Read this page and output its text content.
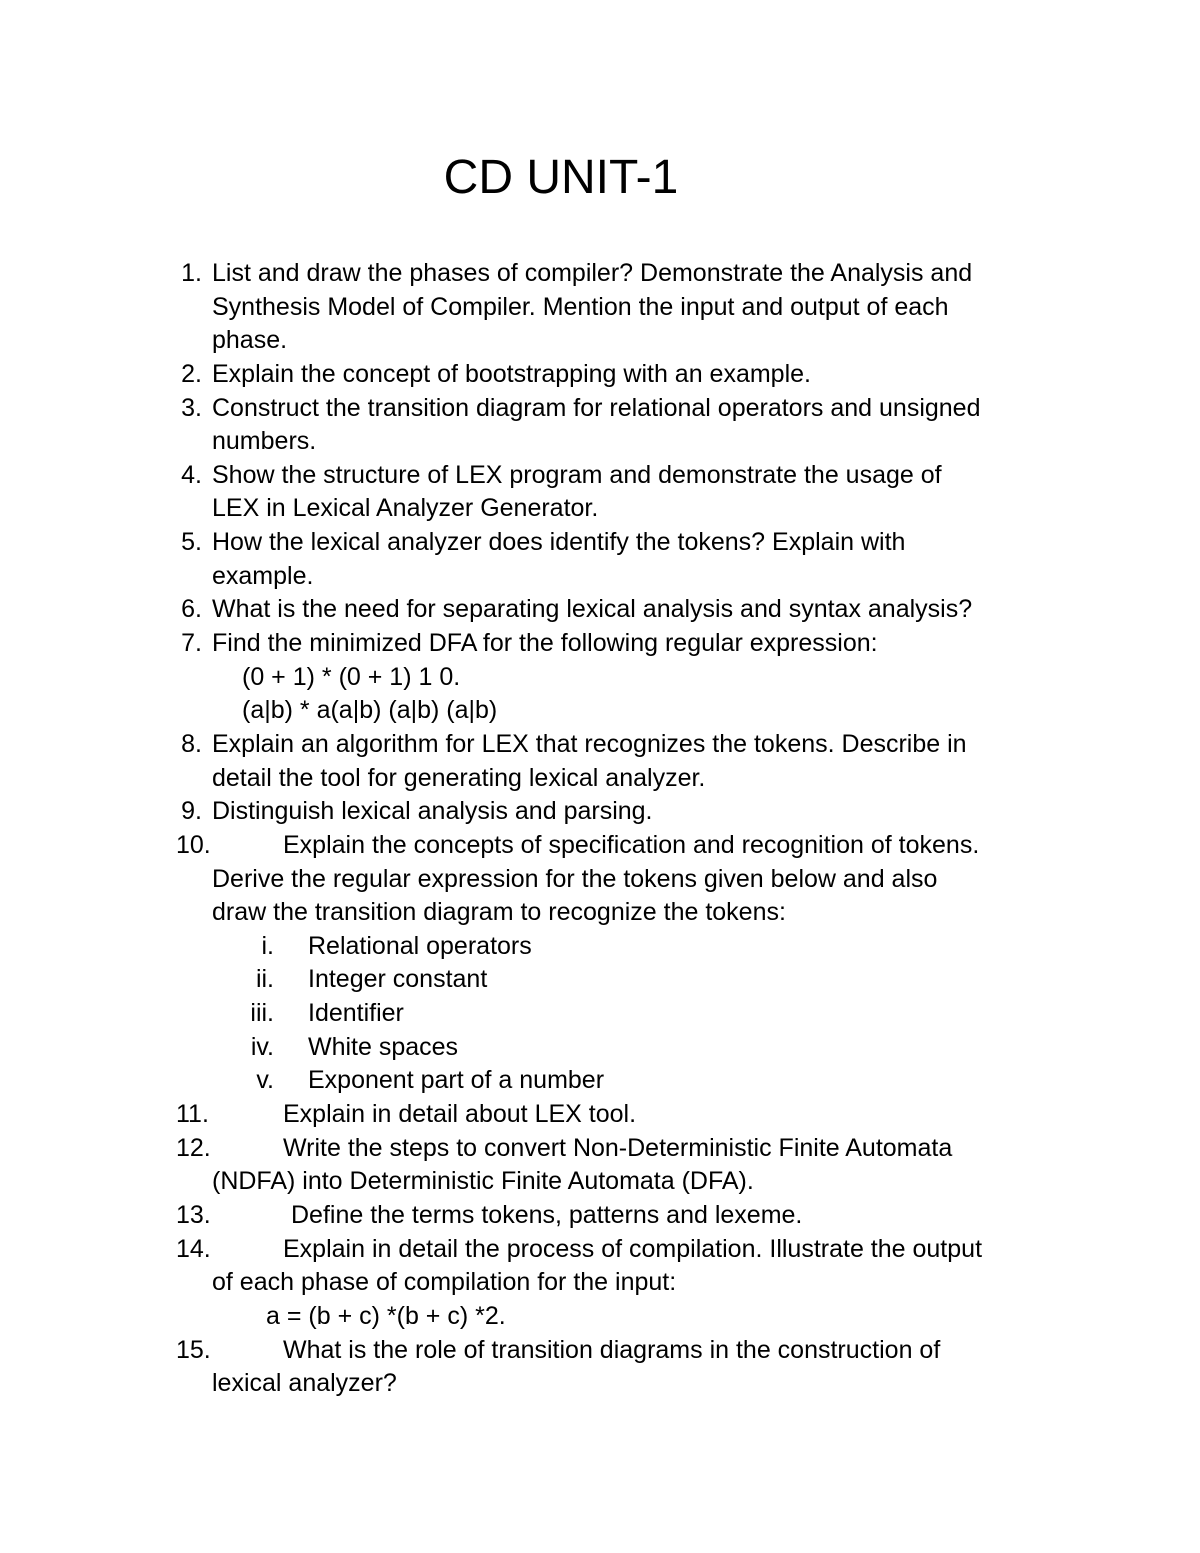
CD UNIT-1
1. List and draw the phases of compiler? Demonstrate the Analysis and
Synthesis Model of Compiler. Mention the input and output of each
phase.
2. Explain the concept of bootstrapping with an example.
3. Construct the transition diagram for relational operators and unsigned
numbers.
4. Show the structure of LEX program and demonstrate the usage of
LEX in Lexical Analyzer Generator.
5. How the lexical analyzer does identify the tokens? Explain with
example.
6. What is the need for separating lexical analysis and syntax analysis?
7. Find the minimized DFA for the following regular expression:
(0 + 1) * (0 + 1) 1 0.
(a|b) * a(a|b) (a|b) (a|b)
8. Explain an algorithm for LEX that recognizes the tokens. Describe in
detail the tool for generating lexical analyzer.
9. Distinguish lexical analysis and parsing.
10.	Explain the concepts of specification and recognition of tokens.
Derive the regular expression for the tokens given below and also
draw the transition diagram to recognize the tokens:
i. Relational operators
ii. Integer constant
iii. Identifier
iv. White spaces
v. Exponent part of a number
11.	Explain in detail about LEX tool.
12.	Write the steps to convert Non-Deterministic Finite Automata
(NDFA) into Deterministic Finite Automata (DFA).
13.	Define the terms tokens, patterns and lexeme.
14.	Explain in detail the process of compilation. Illustrate the output
of each phase of compilation for the input:
a = (b + c) *(b + c) *2.
15.	What is the role of transition diagrams in the construction of
lexical analyzer?
